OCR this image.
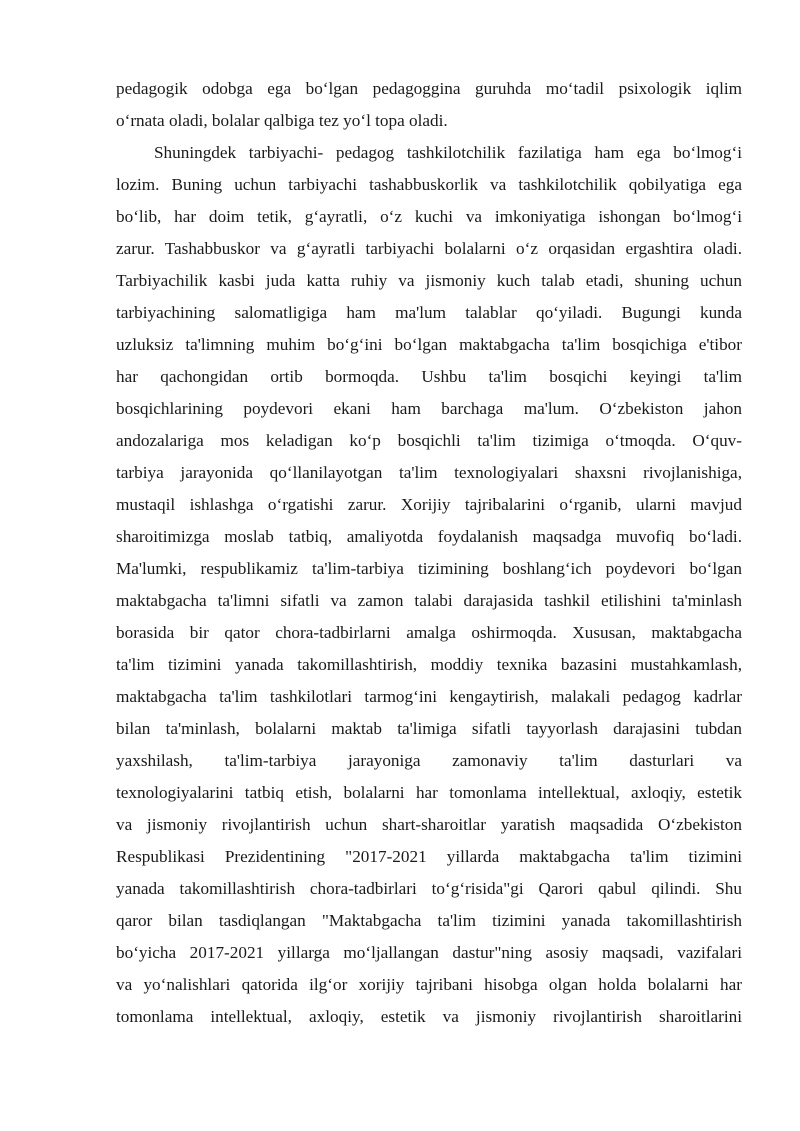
pedagogik odobga ega bo‘lgan pedagoggina guruhda mo‘tadil psixologik iqlim
o‘rnata oladi, bolalar qalbiga tez yo‘l topa oladi.
Shuningdek tarbiyachi- pedagog tashkilotchilik fazilatiga ham ega bo‘lmog‘i
lozim. Buning uchun tarbiyachi tashabbuskorlik va tashkilotchilik qobilyatiga ega
bo‘lib, har doim tetik, g‘ayratli, o‘z kuchi va imkoniyatiga ishongan bo‘lmog‘i
zarur. Tashabbuskor va g‘ayratli tarbiyachi bolalarni o‘z orqasidan ergashtira oladi.
Tarbiyachilik kasbi juda katta ruhiy va jismoniy kuch talab etadi, shuning uchun
tarbiyachining salomatligiga ham ma'lum talablar qo‘yiladi. Bugungi kunda
uzluksiz ta'limning muhim bo‘g‘ini bo‘lgan maktabgacha ta'lim bosqichiga e'tibor
har qachongidan ortib bormoqda. Ushbu ta'lim bosqichi keyingi ta'lim
bosqichlarining poydevori ekani ham barchaga ma'lum. O‘zbekiston jahon
andozalariga mos keladigan ko‘p bosqichli ta'lim tizimiga o‘tmoqda. O‘quv-
tarbiya jarayonida qo‘llanilayotgan ta'lim texnologiyalari shaxsni rivojlanishiga,
mustaqil ishlashga o‘rgatishi zarur. Xorijiy tajribalarini o‘rganib, ularni mavjud
sharoitimizga moslab tatbiq, amaliyotda foydalanish maqsadga muvofiq bo‘ladi.
Ma'lumki, respublikamiz ta'lim-tarbiya tizimining boshlang‘ich poydevori bo‘lgan
maktabgacha ta'limni sifatli va zamon talabi darajasida tashkil etilishini ta'minlash
borasida bir qator chora-tadbirlarni amalga oshirmoqda. Xususan, maktabgacha
ta'lim tizimini yanada takomillashtirish, moddiy texnika bazasini mustahkamlash,
maktabgacha ta'lim tashkilotlari tarmog‘ini kengaytirish, malakali pedagog kadrlar
bilan ta'minlash, bolalarni maktab ta'limiga sifatli tayyorlash darajasini tubdan
yaxshilash, ta'lim-tarbiya jarayoniga zamonaviy ta'lim dasturlari va
texnologiyalarini tatbiq etish, bolalarni har tomonlama intellektual, axloqiy, estetik
va jismoniy rivojlantirish uchun shart-sharoitlar yaratish maqsadida O‘zbekiston
Respublikasi Prezidentining "2017-2021 yillarda maktabgacha ta'lim tizimini
yanada takomillashtirish chora-tadbirlari to‘g‘risida"gi Qarori qabul qilindi. Shu
qaror bilan tasdiqlangan "Maktabgacha ta'lim tizimini yanada takomillashtirish
bo‘yicha 2017-2021 yillarga mo‘ljallangan dastur"ning asosiy maqsadi, vazifalari
va yo‘nalishlari qatorida ilg‘or xorijiy tajribani hisobga olgan holda bolalarni har
tomonlama intellektual, axloqiy, estetik va jismoniy rivojlantirish sharoitlarini
